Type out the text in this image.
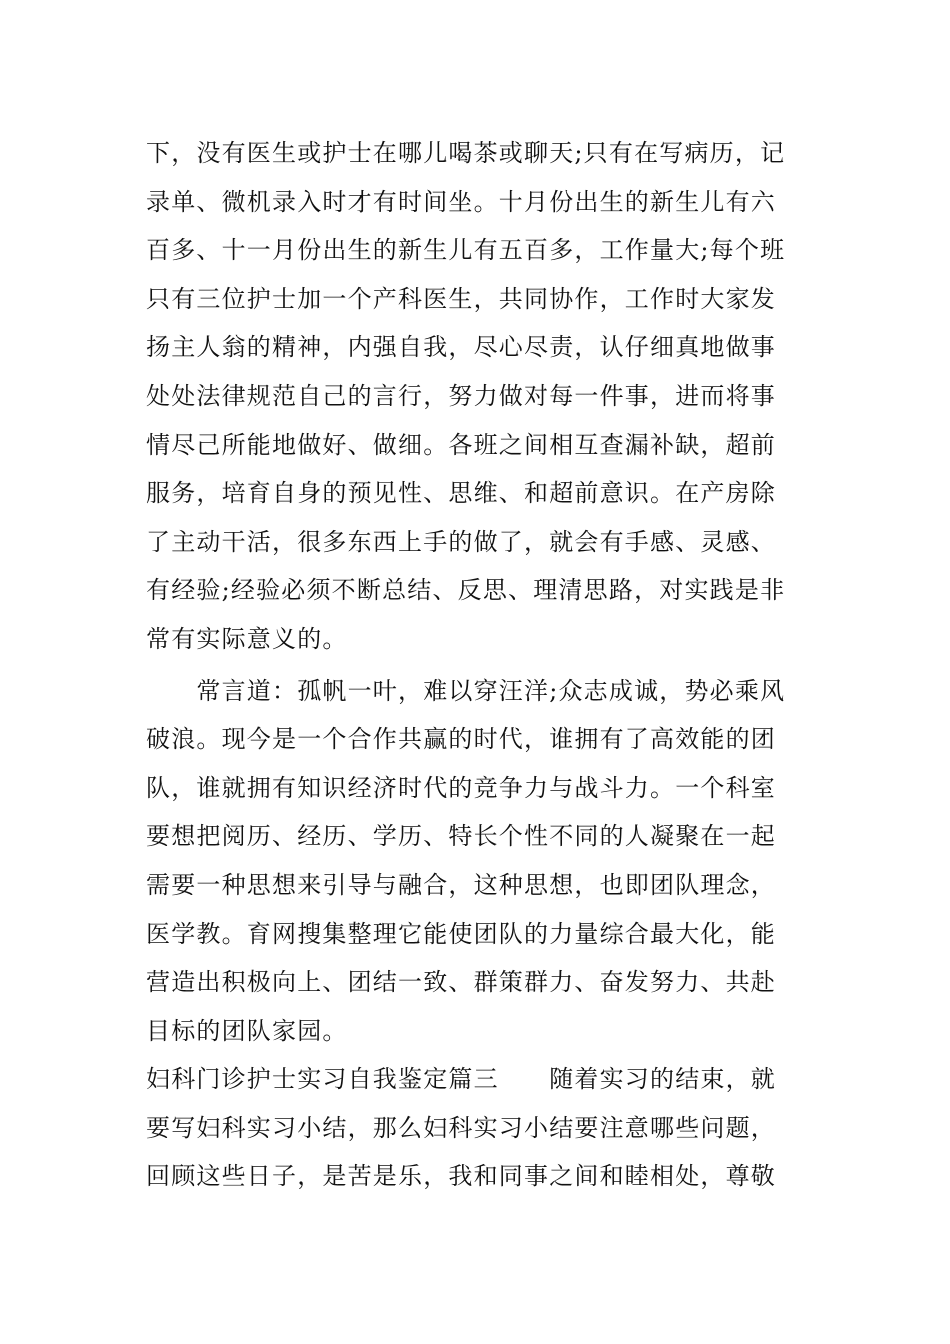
下，没有医生或护士在哪儿喝茶或聊天;只有在写病历，记
录单、微机录入时才有时间坐。十月份出生的新生儿有六
百多、十一月份出生的新生儿有五百多，工作量大;每个班
只有三位护士加一个产科医生，共同协作，工作时大家发
扬主人翁的精神，内强自我，尽心尽责，认仔细真地做事
处处法律规范自己的言行，努力做对每一件事，进而将事
情尽己所能地做好、做细。各班之间相互查漏补缺，超前
服务，培育自身的预见性、思维、和超前意识。在产房除
了主动干活，很多东西上手的做了，就会有手感、灵感、
有经验;经验必须不断总结、反思、理清思路，对实践是非
常有实际意义的。
　　常言道：孤帆一叶，难以穿汪洋;众志成诚，势必乘风
破浪。现今是一个合作共赢的时代，谁拥有了高效能的团
队，谁就拥有知识经济时代的竞争力与战斗力。一个科室
要想把阅历、经历、学历、特长个性不同的人凝聚在一起
需要一种思想来引导与融合，这种思想，也即团队理念，
医学教。育网搜集整理它能使团队的力量综合最大化，能
营造出积极向上、团结一致、群策群力、奋发努力、共赴
目标的团队家园。
妇科门诊护士实习自我鉴定篇三　　随着实习的结束，就
要写妇科实习小结，那么妇科实习小结要注意哪些问题，
回顾这些日子，是苦是乐，我和同事之间和睦相处，尊敬
